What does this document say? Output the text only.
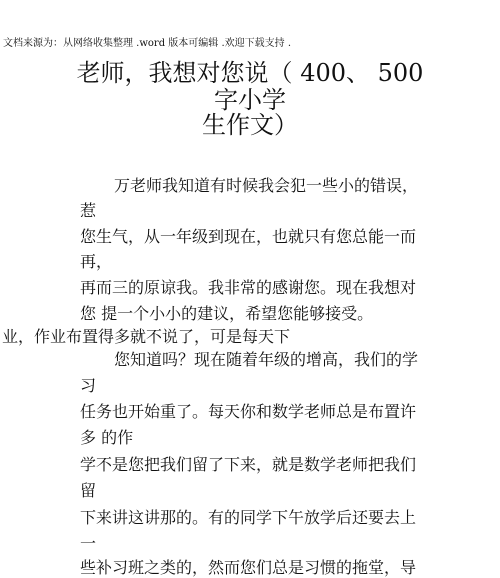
文档来源为：从网络收集整理 .word 版本可编辑 .欢迎下载支持 .
老师，我想对您说（ 400、 500
字小学
生作文）
万老师我知道有时候我会犯一些小的错误，
惹
您生气，从一年级到现在，也就只有您总能一而
再，
再而三的原谅我。我非常的感谢您。现在我想对
您 提一个小小的建议，希望您能够接受。
业，作业布置得多就不说了，可是每天下
您知道吗？现在随着年级的增高，我们的学
习
任务也开始重了。每天你和数学老师总是布置许
多 的作
学不是您把我们留了下来，就是数学老师把我们
留
下来讲这讲那的。有的同学下午放学后还要去上
一
些补习班之类的，然而您们总是习惯的拖堂，导
